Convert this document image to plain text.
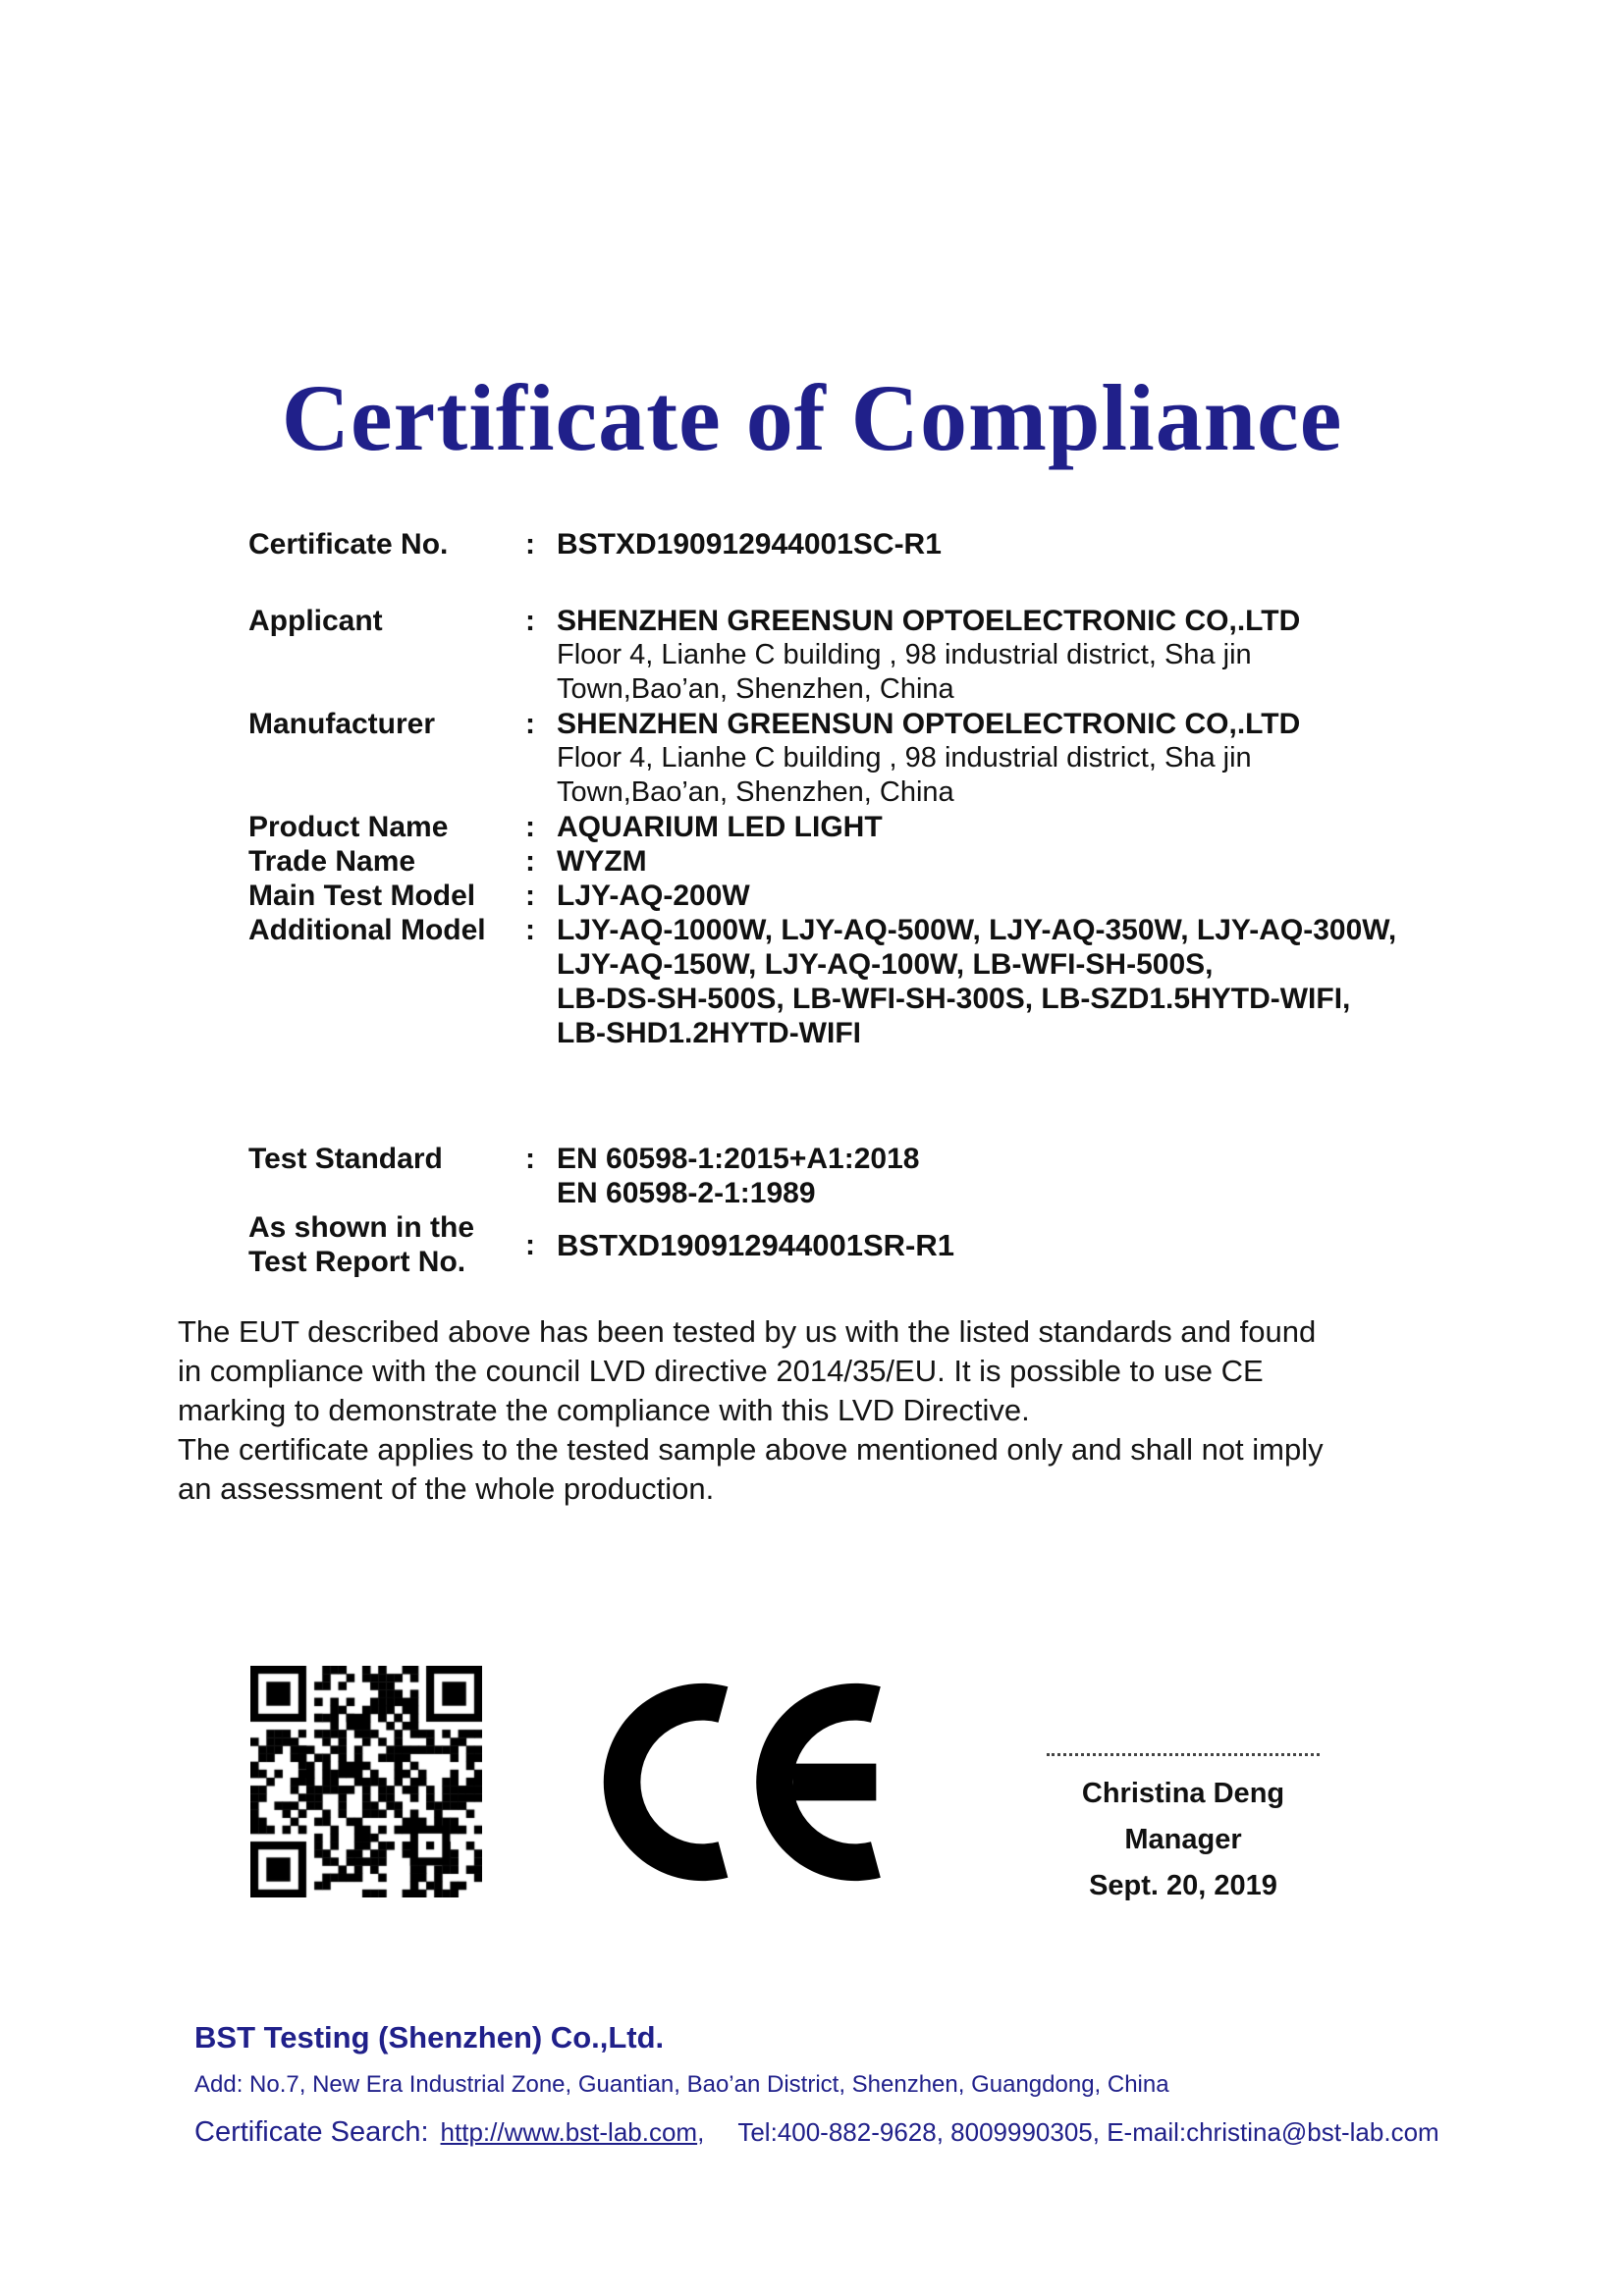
Certificate of Compliance
Certificate No.	: BSTXD190912944001SC-R1
Applicant	: SHENZHEN GREENSUN OPTOELECTRONIC CO,.LTD
Floor 4, Lianhe C building , 98 industrial district, Sha jin
Town,Bao’an, Shenzhen, China
Manufacturer	: SHENZHEN GREENSUN OPTOELECTRONIC CO,.LTD
Floor 4, Lianhe C building , 98 industrial district, Sha jin
Town,Bao’an, Shenzhen, China
Product Name	: AQUARIUM LED LIGHT
Trade Name	: WYZM
Main Test Model	: LJY-AQ-200W
Additional Model	: LJY-AQ-1000W, LJY-AQ-500W, LJY-AQ-350W, LJY-AQ-300W,
LJY-AQ-150W, LJY-AQ-100W, LB-WFI-SH-500S,
LB-DS-SH-500S, LB-WFI-SH-300S, LB-SZD1.5HYTD-WIFI,
LB-SHD1.2HYTD-WIFI
Test Standard	: EN 60598-1:2015+A1:2018
EN 60598-2-1:1989
As shown in the
Test Report No.
: BSTXD190912944001SR-R1
The EUT described above has been tested by us with the listed standards and found
in compliance with the council LVD directive 2014/35/EU. It is possible to use CE
marking to demonstrate the compliance with this LVD Directive.
The certificate applies to the tested sample above mentioned only and shall not imply
an assessment of the whole production.
Christina Deng
Manager
Sept. 20, 2019
BST Testing (Shenzhen) Co.,Ltd.
Add: No.7, New Era Industrial Zone, Guantian, Bao’an District, Shenzhen, Guangdong, China
Certificate Search: http://www.bst-lab.com, Tel:400-882-9628, 8009990305, E-mail:christina@bst-lab.com
